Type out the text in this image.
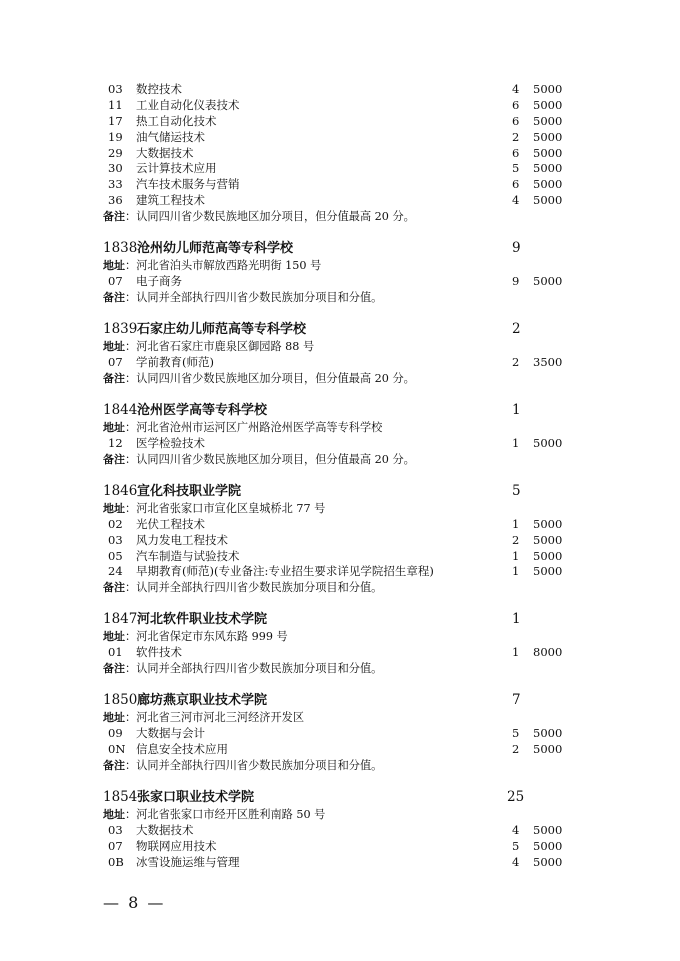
03 数控技术	4 5000
11 工业自动化仪表技术	6 5000
17 热工自动化技术	6 5000
19 油气储运技术	2 5000
29 大数据技术	6 5000
30 云计算技术应用	5 5000
33 汽车技术服务与营销	6 5000
36 建筑工程技术	4 5000
备注：认同四川省少数民族地区加分项目，但分值最高 20 分。
1838 沧州幼儿师范高等专科学校	9
地址：河北省泊头市解放西路光明街 150 号
07 电子商务	9 5000
备注：认同并全部执行四川省少数民族加分项目和分值。
1839 石家庄幼儿师范高等专科学校	2
地址：河北省石家庄市鹿泉区御园路 88 号
07 学前教育(师范)	2 3500
备注：认同四川省少数民族地区加分项目，但分值最高 20 分。
1844 沧州医学高等专科学校	1
地址：河北省沧州市运河区广州路沧州医学高等专科学校
12 医学检验技术	1 5000
备注：认同四川省少数民族地区加分项目，但分值最高 20 分。
1846 宣化科技职业学院	5
地址：河北省张家口市宣化区皇城桥北 77 号
02 光伏工程技术	1 5000
03 风力发电工程技术	2 5000
05 汽车制造与试验技术	1 5000
24 早期教育(师范)(专业备注:专业招生要求详见学院招生章程)	1 5000
备注：认同并全部执行四川省少数民族加分项目和分值。
1847 河北软件职业技术学院	1
地址：河北省保定市东风东路 999 号
01 软件技术	1 8000
备注：认同并全部执行四川省少数民族加分项目和分值。
1850 廊坊燕京职业技术学院	7
地址：河北省三河市河北三河经济开发区
09 大数据与会计	5 5000
0N 信息安全技术应用	2 5000
备注：认同并全部执行四川省少数民族加分项目和分值。
1854 张家口职业技术学院	25
地址：河北省张家口市经开区胜利南路 50 号
03 大数据技术	4 5000
07 物联网应用技术	5 5000
0B 冰雪设施运维与管理	4 5000
— 8 —
